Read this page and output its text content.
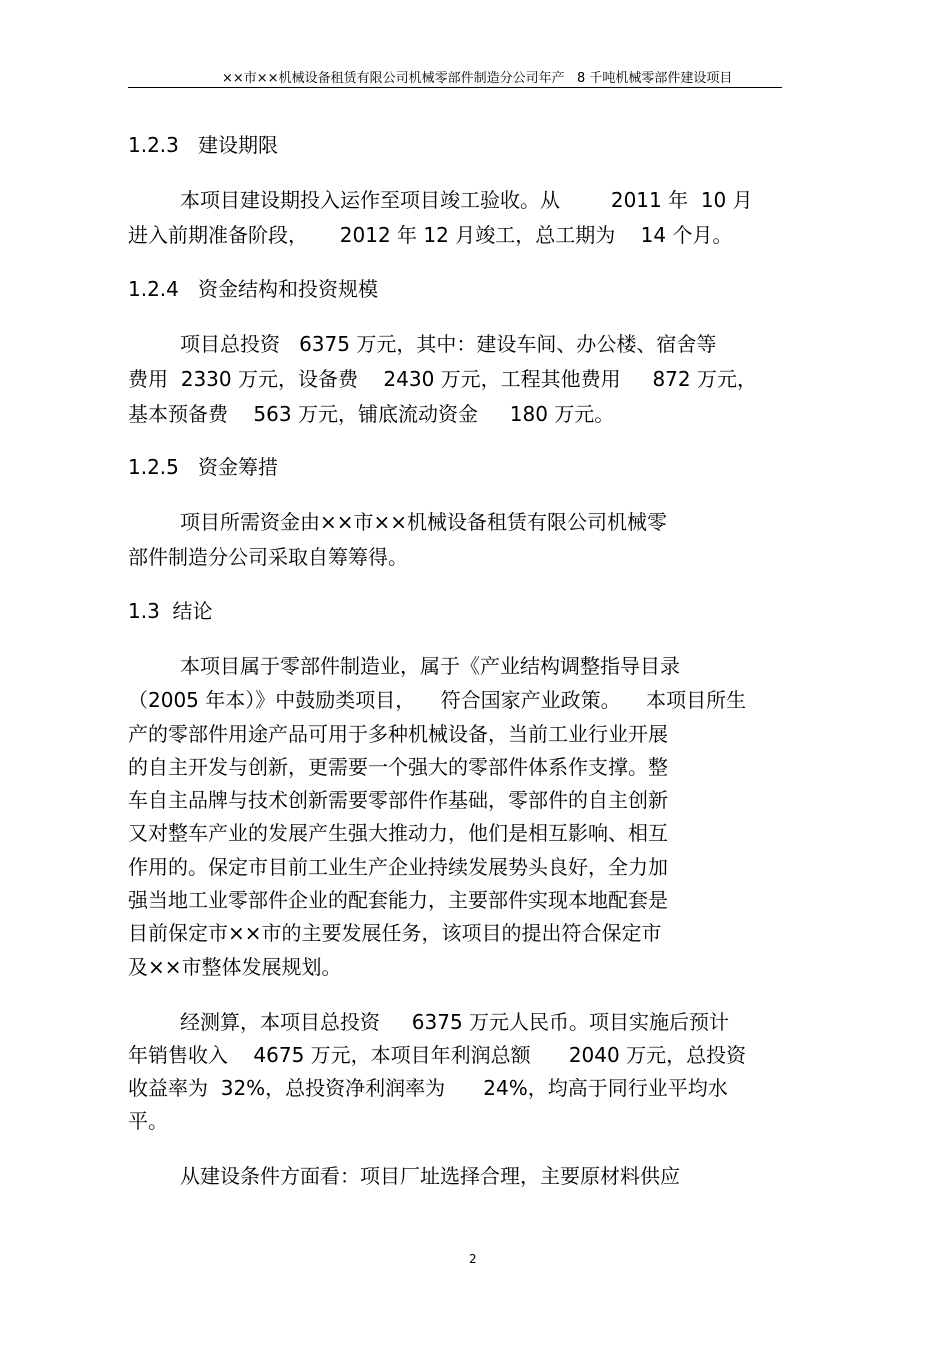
××市××机械设备租赁有限公司机械零部件制造分公司年产   8 千吨机械零部件建设项目
1.2.3   建设期限
本项目建设期投入运作至项目竣工验收。从        2011 年  10 月
进入前期准备阶段，     2012 年 12 月竣工，总工期为    14 个月。
1.2.4   资金结构和投资规模
项目总投资   6375 万元，其中：建设车间、办公楼、宿舍等
费用  2330 万元，设备费    2430 万元，工程其他费用     872 万元，
基本预备费    563 万元，铺底流动资金     180 万元。
1.2.5   资金筹措
项目所需资金由××市××机械设备租赁有限公司机械零
部件制造分公司采取自筹筹得。
1.3  结论
本项目属于零部件制造业，属于《产业结构调整指导目录
（2005 年本）》中鼓励类项目，    符合国家产业政策。    本项目所生
产的零部件用途产品可用于多种机械设备，当前工业行业开展
的自主开发与创新，更需要一个强大的零部件体系作支撑。整
车自主品牌与技术创新需要零部件作基础，零部件的自主创新
又对整车产业的发展产生强大推动力，他们是相互影响、相互
作用的。保定市目前工业生产企业持续发展势头良好，全力加
强当地工业零部件企业的配套能力，主要部件实现本地配套是
目前保定市××市的主要发展任务，该项目的提出符合保定市
及××市整体发展规划。
经测算，本项目总投资     6375 万元人民币。项目实施后预计
年销售收入    4675 万元，本项目年利润总额      2040 万元，总投资
收益率为  32%，总投资净利润率为      24%，均高于同行业平均水
平。
从建设条件方面看：项目厂址选择合理，主要原材料供应
2
